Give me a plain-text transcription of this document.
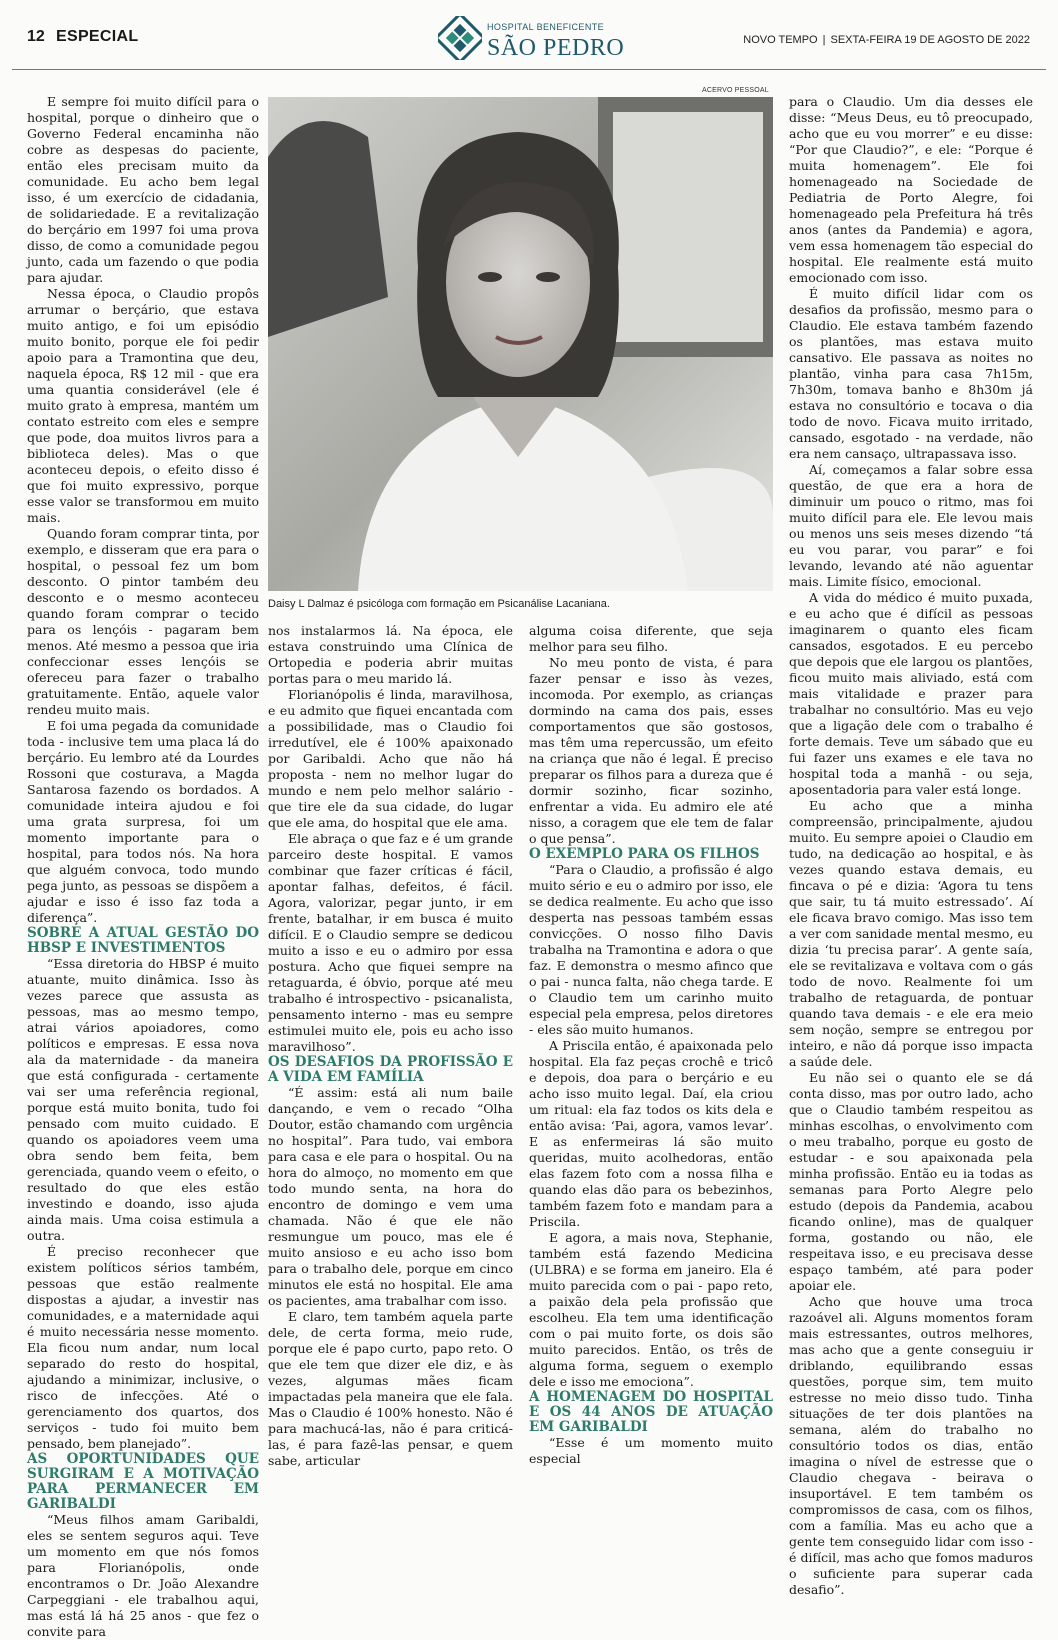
12 ESPECIAL
HOSPITAL BENEFICENTE
SÃO PEDRO	NOVO TEMPO | SEXTA-FEIRA 19 DE AGOSTO DE 2022

E sempre foi muito difícil para o hospital, porque o dinheiro que o Governo Federal encaminha não cobre as despesas do paciente, então eles precisam muito da comunidade. Eu acho bem legal isso, é um exercício de cidadania, de solidariedade. E a revitalização do berçário em 1997 foi uma prova disso, de como a comunidade pegou junto, cada um fazendo o que podia para ajudar.

Nessa época, o Claudio propôs arrumar o berçário, que estava muito antigo, e foi um episódio muito bonito, porque ele foi pedir apoio para a Tramontina que deu, naquela época, R$ 12 mil - que era uma quantia considerável (ele é muito grato à empresa, mantém um contato estreito com eles e sempre que pode, doa muitos livros para a biblioteca deles). Mas o que aconteceu depois, o efeito disso é que foi muito expressivo, porque esse valor se transformou em muito mais.

Quando foram comprar tinta, por exemplo, e disseram que era para o hospital, o pessoal fez um bom desconto. O pintor também deu desconto e o mesmo aconteceu quando foram comprar o tecido para os lençóis - pagaram bem menos. Até mesmo a pessoa que iria confeccionar esses lençóis se ofereceu para fazer o trabalho gratuitamente. Então, aquele valor rendeu muito mais.

E foi uma pegada da comunidade toda - inclusive tem uma placa lá do berçário. Eu lembro até da Lourdes Rossoni que costurava, a Magda Santarosa fazendo os bordados. A comunidade inteira ajudou e foi uma grata surpresa, foi um momento importante para o hospital, para todos nós. Na hora que alguém convoca, todo mundo pega junto, as pessoas se dispõem a ajudar e isso é isso faz toda a diferença”.

SOBRE A ATUAL GESTÃO DO HBSP E INVESTIMENTOS

“Essa diretoria do HBSP é muito atuante, muito dinâmica. Isso às vezes parece que assusta as pessoas, mas ao mesmo tempo, atrai vários apoiadores, como políticos e empresas. E essa nova ala da maternidade - da maneira que está configurada - certamente vai ser uma referência regional, porque está muito bonita, tudo foi pensado com muito cuidado. E quando os apoiadores veem uma obra sendo bem feita, bem gerenciada, quando veem o efeito, o resultado do que eles estão investindo e doando, isso ajuda ainda mais. Uma coisa estimula a outra.

É preciso reconhecer que existem políticos sérios também, pessoas que estão realmente dispostas a ajudar, a investir nas comunidades, e a maternidade aqui é muito necessária nesse momento. Ela ficou num andar, num local separado do resto do hospital, ajudando a minimizar, inclusive, o risco de infecções. Até o gerenciamento dos quartos, dos serviços - tudo foi muito bem pensado, bem planejado”.

AS OPORTUNIDADES QUE SURGIRAM E A MOTIVAÇÃO PARA PERMANECER EM GARIBALDI

“Meus filhos amam Garibaldi, eles se sentem seguros aqui. Teve um momento em que nós fomos para Florianópolis, onde encontramos o Dr. João Alexandre Carpeggiani - ele trabalhou aqui, mas está lá há 25 anos - que fez o convite para

ACERVO PESSOAL
Daisy L Dalmaz é psicóloga com formação em Psicanálise Lacaniana.

nos instalarmos lá. Na época, ele estava construindo uma Clínica de Ortopedia e poderia abrir muitas portas para o meu marido lá.

Florianópolis é linda, maravilhosa, e eu admito que fiquei encantada com a possibilidade, mas o Claudio foi irredutível, ele é 100% apaixonado por Garibaldi. Acho que não há proposta - nem no melhor lugar do mundo e nem pelo melhor salário - que tire ele da sua cidade, do lugar que ele ama, do hospital que ele ama.

Ele abraça o que faz e é um grande parceiro deste hospital. E vamos combinar que fazer críticas é fácil, apontar falhas, defeitos, é fácil. Agora, valorizar, pegar junto, ir em frente, batalhar, ir em busca é muito difícil. E o Claudio sempre se dedicou muito a isso e eu o admiro por essa postura. Acho que fiquei sempre na retaguarda, é óbvio, porque até meu trabalho é introspectivo - psicanalista, pensamento interno - mas eu sempre estimulei muito ele, pois eu acho isso maravilhoso”.

OS DESAFIOS DA PROFISSÃO E A VIDA EM FAMÍLIA

“É assim: está ali num baile dançando, e vem o recado “Olha Doutor, estão chamando com urgência no hospital”. Para tudo, vai embora para casa e ele para o hospital. Ou na hora do almoço, no momento em que todo mundo senta, na hora do encontro de domingo e vem uma chamada. Não é que ele não resmungue um pouco, mas ele é muito ansioso e eu acho isso bom para o trabalho dele, porque em cinco minutos ele está no hospital. Ele ama os pacientes, ama trabalhar com isso.

E claro, tem também aquela parte dele, de certa forma, meio rude, porque ele é papo curto, papo reto. O que ele tem que dizer ele diz, e às vezes, algumas mães ficam impactadas pela maneira que ele fala. Mas o Claudio é 100% honesto. Não é para machucá-las, não é para criticá-las, é para fazê-las pensar, e quem sabe, articular

alguma coisa diferente, que seja melhor para seu filho.

No meu ponto de vista, é para fazer pensar e isso às vezes, incomoda. Por exemplo, as crianças dormindo na cama dos pais, esses comportamentos que são gostosos, mas têm uma repercussão, um efeito na criança que não é legal. É preciso preparar os filhos para a dureza que é dormir sozinho, ficar sozinho, enfrentar a vida. Eu admiro ele até nisso, a coragem que ele tem de falar o que pensa”.

O EXEMPLO PARA OS FILHOS

“Para o Claudio, a profissão é algo muito sério e eu o admiro por isso, ele se dedica realmente. Eu acho que isso desperta nas pessoas também essas convicções. O nosso filho Davis trabalha na Tramontina e adora o que faz. E demonstra o mesmo afinco que o pai - nunca falta, não chega tarde. E o Claudio tem um carinho muito especial pela empresa, pelos diretores - eles são muito humanos.

A Priscila então, é apaixonada pelo hospital. Ela faz peças crochê e tricô e depois, doa para o berçário e eu acho isso muito legal. Daí, ela criou um ritual: ela faz todos os kits dela e então avisa: ‘Pai, agora, vamos levar’. E as enfermeiras lá são muito queridas, muito acolhedoras, então elas fazem foto com a nossa filha e quando elas dão para os bebezinhos, também fazem foto e mandam para a Priscila.

E agora, a mais nova, Stephanie, também está fazendo Medicina (ULBRA) e se forma em janeiro. Ela é muito parecida com o pai - papo reto, a paixão dela pela profissão que escolheu. Ela tem uma identificação com o pai muito forte, os dois são muito parecidos. Então, os três de alguma forma, seguem o exemplo dele e isso me emociona”.

A HOMENAGEM DO HOSPITAL E OS 44 ANOS DE ATUAÇÃO EM GARIBALDI

“Esse é um momento muito especial

para o Claudio. Um dia desses ele disse: “Meus Deus, eu tô preocupado, acho que eu vou morrer” e eu disse: “Por que Claudio?”, e ele: “Porque é muita homenagem”. Ele foi homenageado na Sociedade de Pediatria de Porto Alegre, foi homenageado pela Prefeitura há três anos (antes da Pandemia) e agora, vem essa homenagem tão especial do hospital. Ele realmente está muito emocionado com isso.

É muito difícil lidar com os desafios da profissão, mesmo para o Claudio. Ele estava também fazendo os plantões, mas estava muito cansativo. Ele passava as noites no plantão, vinha para casa 7h15m, 7h30m, tomava banho e 8h30m já estava no consultório e tocava o dia todo de novo. Ficava muito irritado, cansado, esgotado - na verdade, não era nem cansaço, ultrapassava isso.

Aí, começamos a falar sobre essa questão, de que era a hora de diminuir um pouco o ritmo, mas foi muito difícil para ele. Ele levou mais ou menos uns seis meses dizendo “tá eu vou parar, vou parar” e foi levando, levando até não aguentar mais. Limite físico, emocional.

A vida do médico é muito puxada, e eu acho que é difícil as pessoas imaginarem o quanto eles ficam cansados, esgotados. E eu percebo que depois que ele largou os plantões, ficou muito mais aliviado, está com mais vitalidade e prazer para trabalhar no consultório. Mas eu vejo que a ligação dele com o trabalho é forte demais. Teve um sábado que eu fui fazer uns exames e ele tava no hospital toda a manhã - ou seja, aposentadoria para valer está longe.

Eu acho que a minha compreensão, principalmente, ajudou muito. Eu sempre apoiei o Claudio em tudo, na dedicação ao hospital, e às vezes quando estava demais, eu fincava o pé e dizia: ‘Agora tu tens que sair, tu tá muito estressado’. Aí ele ficava bravo comigo. Mas isso tem a ver com sanidade mental mesmo, eu dizia ‘tu precisa parar’. A gente saía, ele se revitalizava e voltava com o gás todo de novo. Realmente foi um trabalho de retaguarda, de pontuar quando tava demais - e ele era meio sem noção, sempre se entregou por inteiro, e não dá porque isso impacta a saúde dele.

Eu não sei o quanto ele se dá conta disso, mas por outro lado, acho que o Claudio também respeitou as minhas escolhas, o envolvimento com o meu trabalho, porque eu gosto de estudar - e sou apaixonada pela minha profissão. Então eu ia todas as semanas para Porto Alegre pelo estudo (depois da Pandemia, acabou ficando online), mas de qualquer forma, gostando ou não, ele respeitava isso, e eu precisava desse espaço também, até para poder apoiar ele.

Acho que houve uma troca razoável ali. Alguns momentos foram mais estressantes, outros melhores, mas acho que a gente conseguiu ir driblando, equilibrando essas questões, porque sim, tem muito estresse no meio disso tudo. Tinha situações de ter dois plantões na semana, além do trabalho no consultório todos os dias, então imagina o nível de estresse que o Claudio chegava - beirava o insuportável. E tem também os compromissos de casa, com os filhos, com a família. Mas eu acho que a gente tem conseguido lidar com isso - é difícil, mas acho que fomos maduros o suficiente para superar cada desafio”.
